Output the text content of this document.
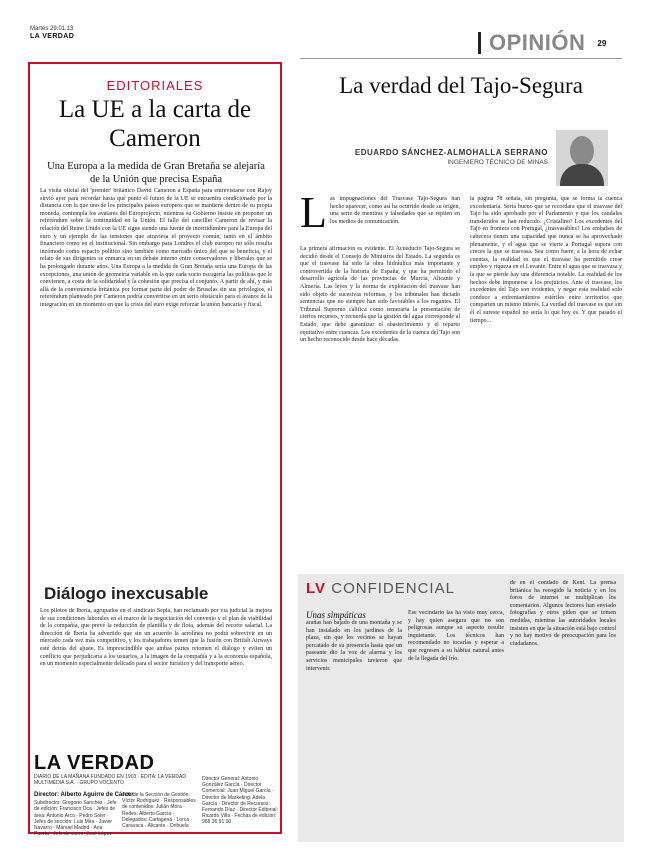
Martes 29.01.13
LA VERDAD	OPINIÓN 29
EDITORIALES
La UE a la carta de Cameron
Una Europa a la medida de Gran Bretaña se alejaría de la Unión que precisa España
La visita oficial del 'premier' británico David Cameron a España para entrevistarse con Rajoy sirvió ayer para recordar hasta qué punto el futuro de la UE se encuentra condicionado por la distancia con la que uno de los principales países europeos que se mantiene dentro de su propia moneda, contempla los avatares del Europrojecto, mientras su Gobierno insiste en proponer un referéndum sobre la continuidad en la Unión. El fallo del canciller Cameron de revisar la relación del Reino Unido con la UE sigue siendo una fuente de incertidumbre para la Europa del euro y un ejemplo de las tensiones que atraviesa el proyecto común, tanto en el ámbito financiero como en el institucional. Sin embargo para Londres el club europeo no sólo resulta incómodo como espacio político sino también como mercado único del que se beneficia, y el relato de sus dirigentes se enmarca en un debate interno entre conservadores y liberales que se ha prolongado durante años. Una Europa a la medida de Gran Bretaña sería una Europa de las excepciones, una unión de geometría variable en la que cada socio escogería las políticas que le convienen, a costa de la solidaridad y la cohesión que precisa el conjunto. A partir de ahí, y más allá de la conveniencia británica por formar parte del poder de Bruselas sin sus privilegios, el referéndum planteado por Cameron podría convertirse en un serio obstáculo para el avance de la integración en un momento en que la crisis del euro exige reforzar la unión bancaria y fiscal.
Diálogo inexcusable
Los pilotos de Iberia, agrupados en el sindicato Sepla, han reclamado por vía judicial la mejora de sus condiciones laborales en el marco de la negociación del convenio y el plan de viabilidad de la compañía, que prevé la reducción de plantilla y de flota, además del recorte salarial. La dirección de Iberia ha advertido que sin un acuerdo la aerolínea no podrá sobrevivir en un mercado cada vez más competitivo, y los trabajadores temen que la fusión con British Airways esté detrás del ajuste. Es imprescindible que ambas partes retomen el diálogo y eviten un conflicto que perjudicaría a los usuarios, a la imagen de la compañía y a la economía española, en un momento especialmente delicado para el sector turístico y del transporte aéreo.
LA VERDAD
DIARIO DE LA MAÑANA FUNDADO EN 1903 · EDITA: LA VERDAD MULTIMEDIA S.A. · GRUPO VOCENTO
Director: Alberto Aguirre de Cárcer
Subdirector: Gregorio Sanchéz · Jefe de edición: Francisco Oca · Jefes de área: Antonio Arco · Pedro Soler · Jefes de sección: Luis Mira · Javier Navarro · Manuel Madrid · Ana Puerta · Jefe de cierre: José López
Jefe de la Sección de Gestión: Víctor Rodríguez · Responsables de contenidos: Julián Mora · Redes: Alberto García · Delegados: Cartagena · Lorca · Caravaca · Alicante · Orihuela
Director General: Antonio González García · Director Comercial: Juan Miguel García · Director de Marketing: Adela García · Director de Recursos: Fernando Díaz · Director Editorial: Ricardo Villa · Fechas de edición: 968 36 91 00
La verdad del Tajo-Segura
EDUARDO SÁNCHEZ-ALMOHALLA SERRANO
INGENIERO TÉCNICO DE MINAS
L as impugnaciones del Trasvase Tajo-Segura han hecho aparecer, como así ha ocurrido desde su origen, una serie de mentiras y falsedades que se repiten en los medios de comunicación.
La primera afirmación es evidente. El Acueducto Tajo-Segura se decidió desde el Consejo de Ministros del Estado. La segunda es que el trasvase ha sido la obra hidráulica más importante y controvertida de la historia de España, y que ha permitido el desarrollo agrícola de las provincias de Murcia, Alicante y Almería. Las leyes y la norma de explotación del trasvase han sido objeto de sucesivas reformas, y los tribunales han dictado sentencias que no siempre han sido favorables a los regantes. El Tribunal Supremo califica como temeraria la presentación de ciertos recursos, y recuerda que la gestión del agua corresponde al Estado, que debe garantizar el abastecimiento y el reparto equitativo entre cuencas. Los excedentes de la cuenca del Tajo son un hecho reconocido desde hace décadas.
la página 78 señala, sin pregunta, que se forma la cuenca excedentaria. Sería bueno que se recordara que el trasvase del Tajo ha sido aprobado por el Parlamento y que los caudales transferidos se han reducido. ¿Cristalino? Los excedentes del Tajo en frontera con Portugal, ¿trasvasables? Los embalses de cabecera tienen una capacidad que nunca se ha aprovechado plenamente, y el agua que se vierte a Portugal supera con creces la que se trasvasa. Sea como fuere, a la hora de echar cuentas, la realidad es que el trasvase ha permitido crear empleo y riqueza en el Levante. Entre el agua que se trasvasa y la que se pierde hay una diferencia notable. La realidad de los hechos debe imponerse a los prejuicios. Ante el trasvase, los excedentes del Tajo son evidentes, y negar esta realidad solo conduce a enfrentamientos estériles entre territorios que comparten un mismo interés. La verdad del trasvase es que sin él el sureste español no sería lo que hoy es. Y que pasado el tiempo...
LV CONFIDENCIAL
Unas simpáticas
arañas han bajado de una montaña y se han instalado en los jardines de la plaza, sin que los vecinos se hayan percatado de su presencia hasta que un paseante dio la voz de alarma y los servicios municipales tuvieron que intervenir.
Ese vecindario las ha visto muy cerca, y hay quien asegura que no son peligrosas aunque su aspecto resulte inquietante. Los técnicos han recomendado no tocarlas y esperar a que regresen a su hábitat natural antes de la llegada del frío.
de en el condado de Kent. La prensa británica ha recogido la noticia y en los foros de internet se multiplican los comentarios. Algunos lectores han enviado fotografías y otros piden que se tomen medidas, mientras las autoridades locales insisten en que la situación está bajo control y no hay motivo de preocupación para los ciudadanos.
